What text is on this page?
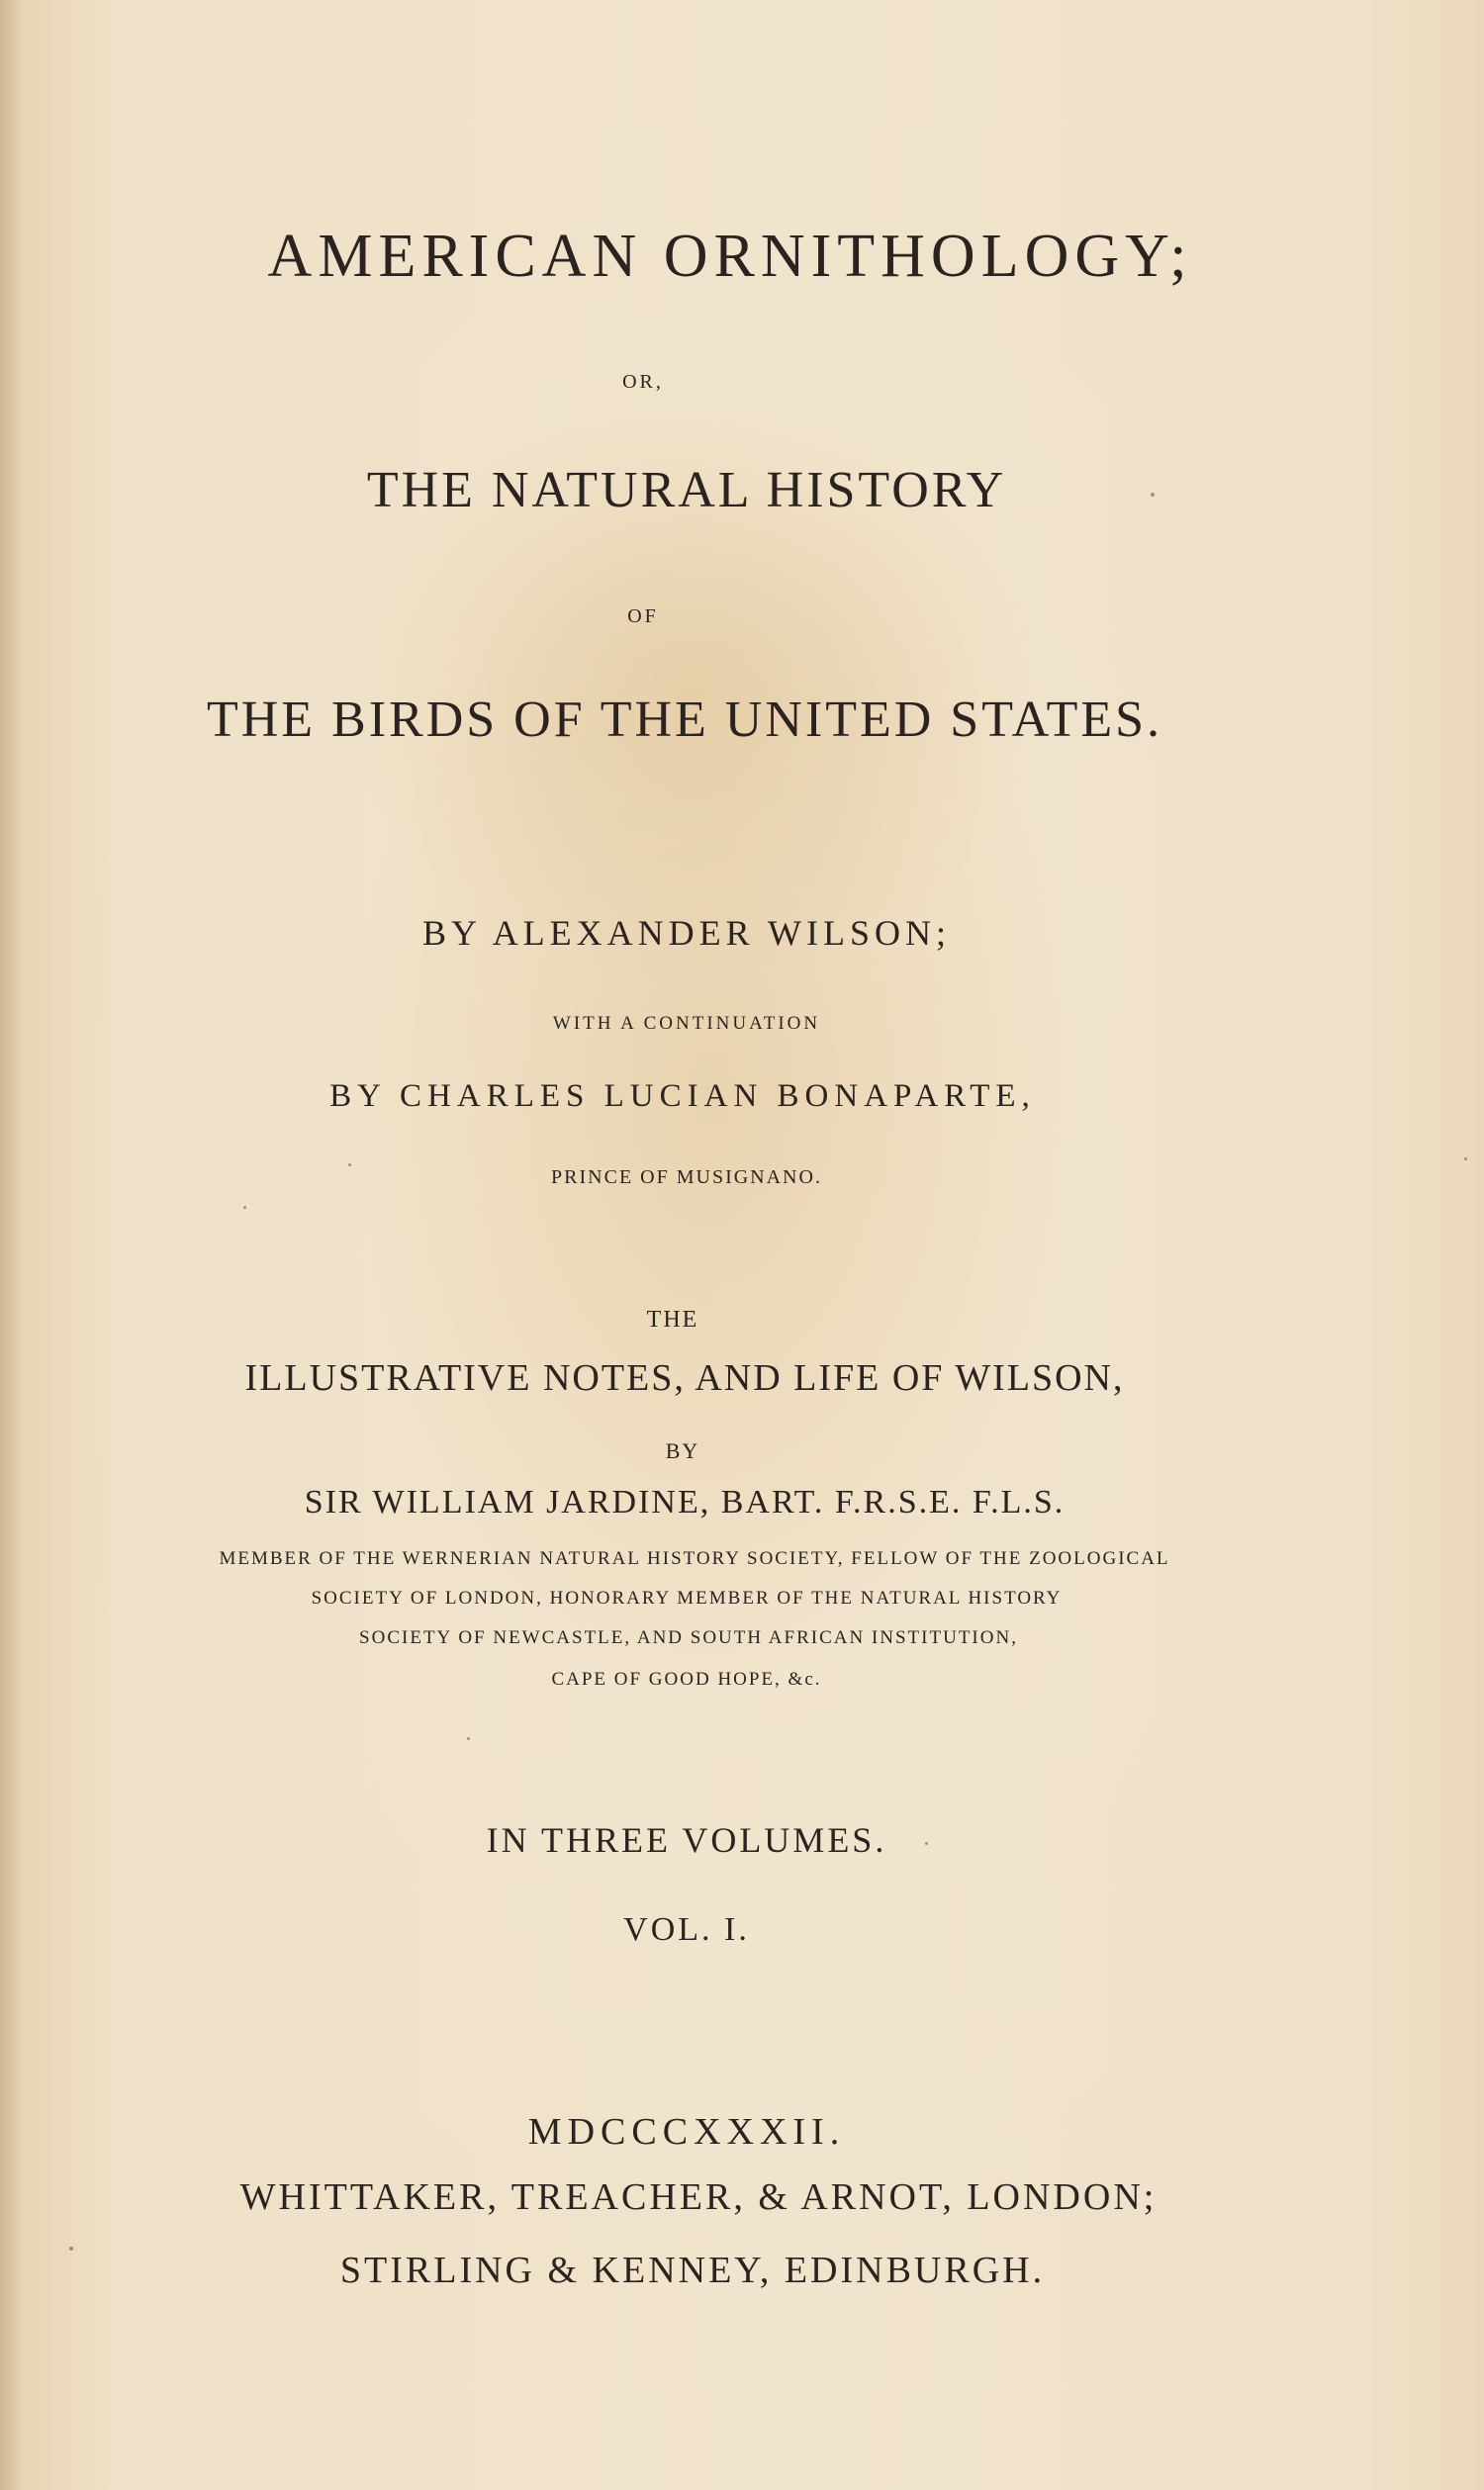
AMERICAN ORNITHOLOGY;

OR,

THE NATURAL HISTORY

OF

THE BIRDS OF THE UNITED STATES.

BY ALEXANDER WILSON;

WITH A CONTINUATION

BY CHARLES LUCIAN BONAPARTE,

PRINCE OF MUSIGNANO.

THE

ILLUSTRATIVE NOTES, AND LIFE OF WILSON,

BY

SIR WILLIAM JARDINE, BART. F.R.S.E. F.L.S.

MEMBER OF THE WERNERIAN NATURAL HISTORY SOCIETY, FELLOW OF THE ZOOLOGICAL

SOCIETY OF LONDON, HONORARY MEMBER OF THE NATURAL HISTORY

SOCIETY OF NEWCASTLE, AND SOUTH AFRICAN INSTITUTION,

CAPE OF GOOD HOPE, &c.

IN THREE VOLUMES.

VOL. I.

MDCCCXXXII.

WHITTAKER, TREACHER, & ARNOT, LONDON;

STIRLING & KENNEY, EDINBURGH.
